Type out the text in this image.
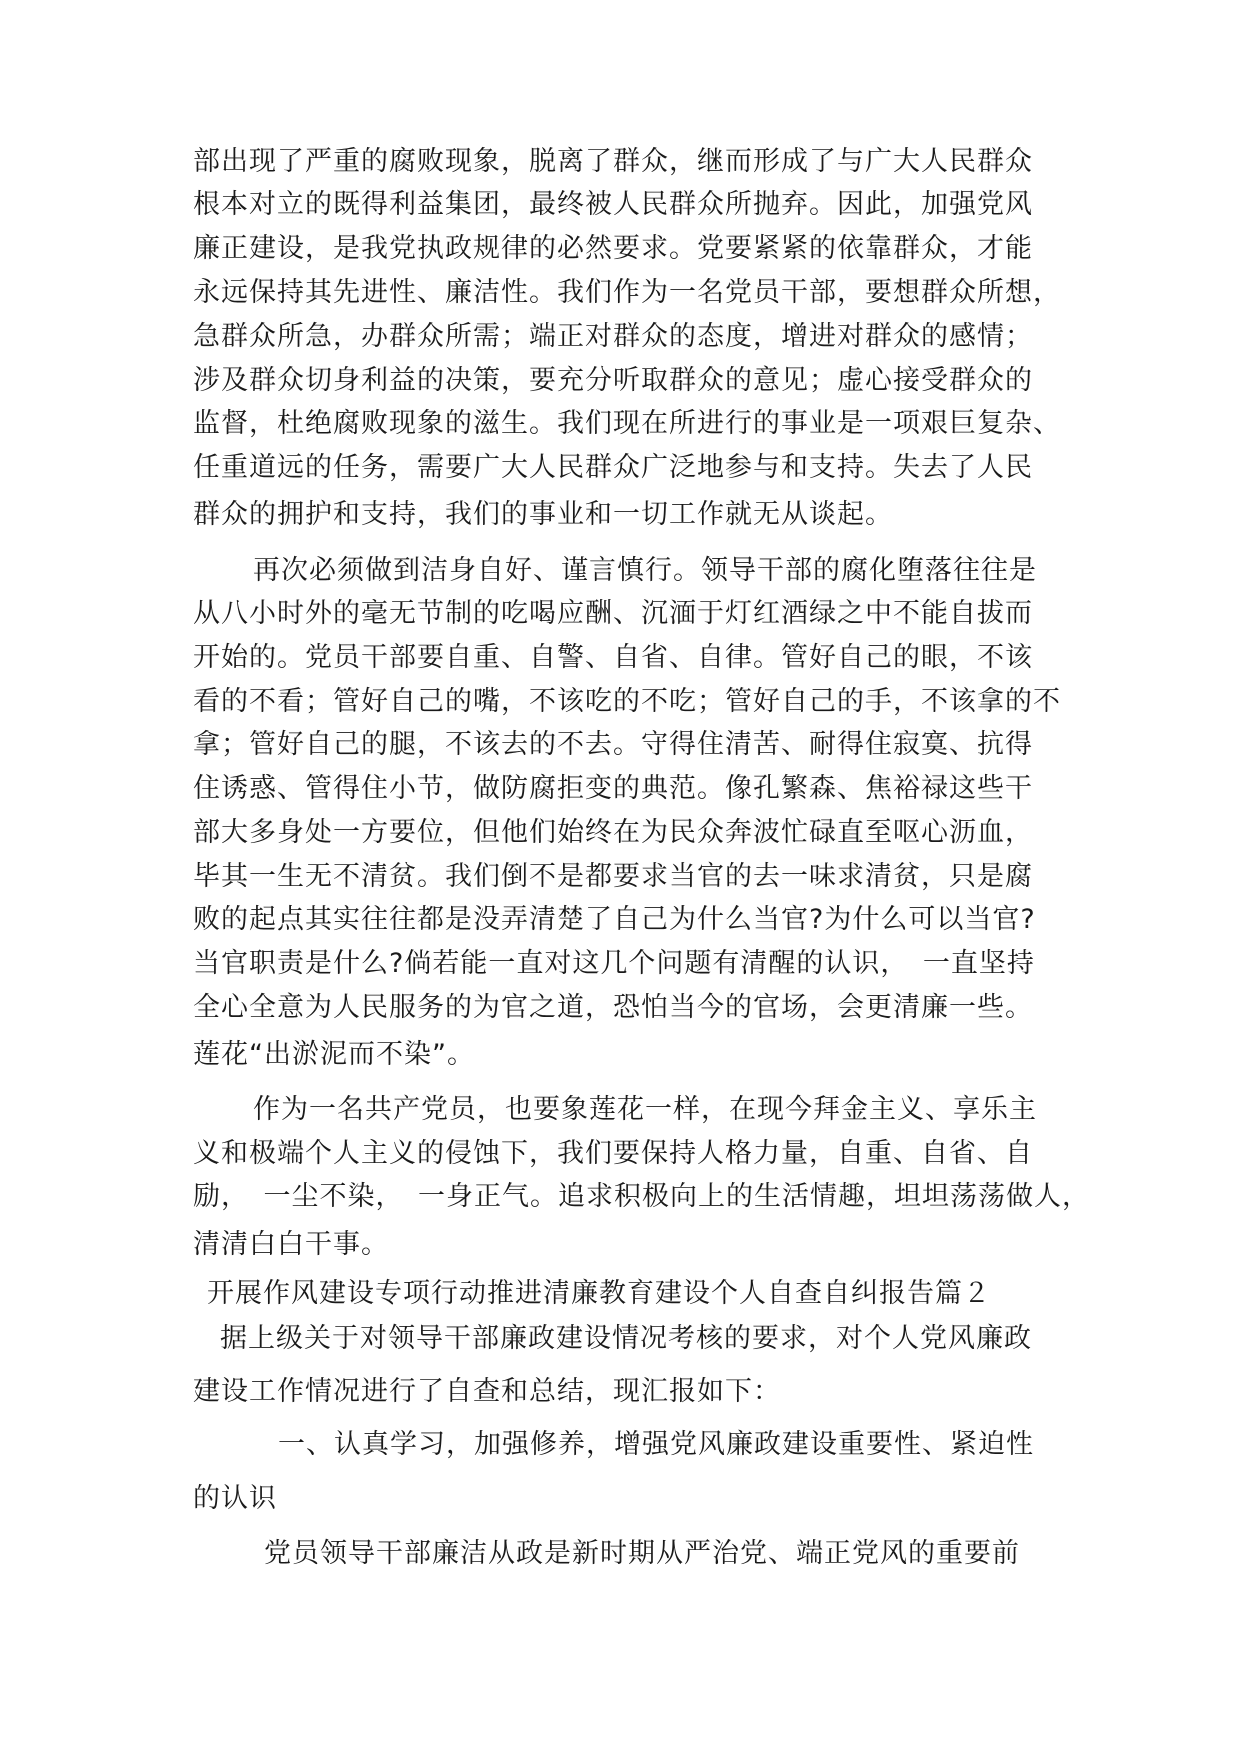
部出现了严重的腐败现象，脱离了群众，继而形成了与广大人民群众
根本对立的既得利益集团，最终被人民群众所抛弃。因此，加强党风
廉正建设，是我党执政规律的必然要求。党要紧紧的依靠群众，才能
永远保持其先进性、廉洁性。我们作为一名党员干部，要想群众所想，
急群众所急，办群众所需；端正对群众的态度，增进对群众的感情；
涉及群众切身利益的决策，要充分听取群众的意见；虚心接受群众的
监督，杜绝腐败现象的滋生。我们现在所进行的事业是一项艰巨复杂、
任重道远的任务，需要广大人民群众广泛地参与和支持。失去了人民
群众的拥护和支持，我们的事业和一切工作就无从谈起。
再次必须做到洁身自好、谨言慎行。领导干部的腐化堕落往往是
从八小时外的毫无节制的吃喝应酬、沉湎于灯红酒绿之中不能自拔而
开始的。党员干部要自重、自警、自省、自律。管好自己的眼，不该
看的不看；管好自己的嘴，不该吃的不吃；管好自己的手，不该拿的不
拿；管好自己的腿，不该去的不去。守得住清苦、耐得住寂寞、抗得
住诱惑、管得住小节，做防腐拒变的典范。像孔繁森、焦裕禄这些干
部大多身处一方要位，但他们始终在为民众奔波忙碌直至呕心沥血，
毕其一生无不清贫。我们倒不是都要求当官的去一味求清贫，只是腐
败的起点其实往往都是没弄清楚了自己为什么当官?为什么可以当官?
当官职责是什么?倘若能一直对这几个问题有清醒的认识，　一直坚持
全心全意为人民服务的为官之道，恐怕当今的官场，会更清廉一些。
莲花“出淤泥而不染”。
作为一名共产党员，也要象莲花一样，在现今拜金主义、享乐主
义和极端个人主义的侵蚀下，我们要保持人格力量，自重、自省、自
励，　一尘不染，　一身正气。追求积极向上的生活情趣，坦坦荡荡做人，
清清白白干事。
开展作风建设专项行动推进清廉教育建设个人自查自纠报告篇２
据上级关于对领导干部廉政建设情况考核的要求，对个人党风廉政
建设工作情况进行了自查和总结，现汇报如下：
一、认真学习，加强修养，增强党风廉政建设重要性、紧迫性
的认识
党员领导干部廉洁从政是新时期从严治党、端正党风的重要前
